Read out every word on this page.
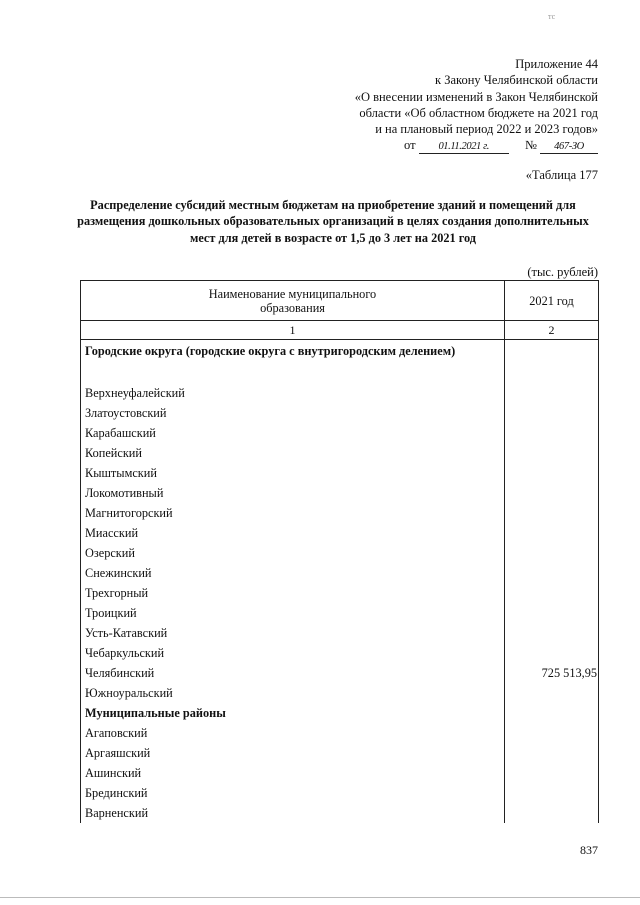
тс
Приложение 44
к Закону Челябинской области
«О внесении изменений в Закон Челябинской
области «Об областном бюджете на 2021 год
и на плановый период 2022 и 2023 годов»
от 01.11.2021 г.	№ 467-ЗО
«Таблица 177
Распределение субсидий местным бюджетам на приобретение зданий и помещений для размещения дошкольных образовательных организаций в целях создания дополнительных мест для детей в возрасте от 1,5 до 3 лет на 2021 год
(тыс. рублей)
Наименование муниципального образования	2021 год
1	2
Городские округа (городские округа с внутригородским делением)	
Верхнеуфалейский	
Златоустовский	
Карабашский	
Копейский	
Кыштымский	
Локомотивный	
Магнитогорский	
Миасский	
Озерский	
Снежинский	
Трехгорный	
Троицкий	
Усть-Катавский	
Чебаркульский	
Челябинский	725 513,95
Южноуральский	
Муниципальные районы	
Агаповский	
Аргаяшский	
Ашинский	
Брединский	
Варненский	
837
